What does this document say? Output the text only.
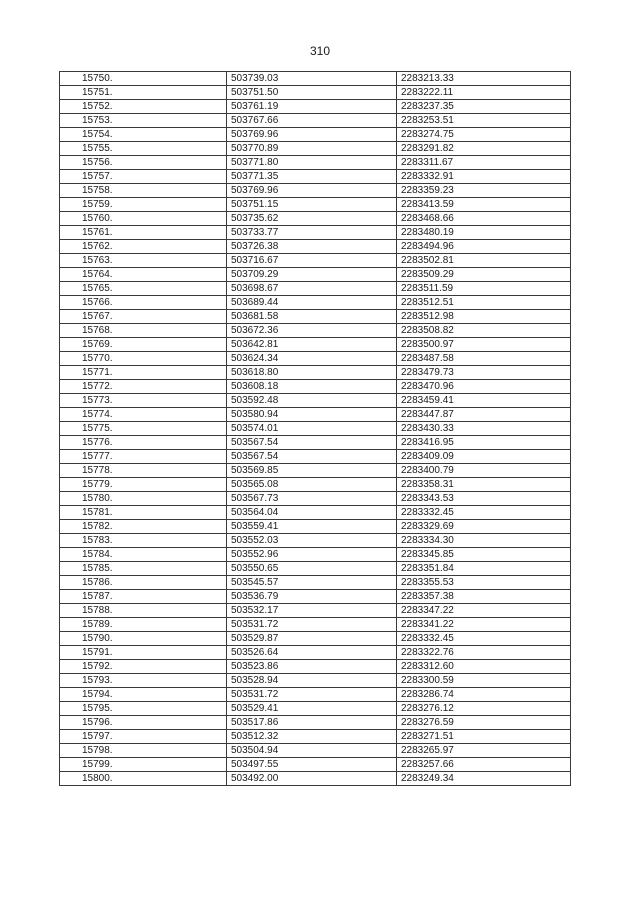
310
15750.	503739.03	2283213.33
15751.	503751.50	2283222.11
15752.	503761.19	2283237.35
15753.	503767.66	2283253.51
15754.	503769.96	2283274.75
15755.	503770.89	2283291.82
15756.	503771.80	2283311.67
15757.	503771.35	2283332.91
15758.	503769.96	2283359.23
15759.	503751.15	2283413.59
15760.	503735.62	2283468.66
15761.	503733.77	2283480.19
15762.	503726.38	2283494.96
15763.	503716.67	2283502.81
15764.	503709.29	2283509.29
15765.	503698.67	2283511.59
15766.	503689.44	2283512.51
15767.	503681.58	2283512.98
15768.	503672.36	2283508.82
15769.	503642.81	2283500.97
15770.	503624.34	2283487.58
15771.	503618.80	2283479.73
15772.	503608.18	2283470.96
15773.	503592.48	2283459.41
15774.	503580.94	2283447.87
15775.	503574.01	2283430.33
15776.	503567.54	2283416.95
15777.	503567.54	2283409.09
15778.	503569.85	2283400.79
15779.	503565.08	2283358.31
15780.	503567.73	2283343.53
15781.	503564.04	2283332.45
15782.	503559.41	2283329.69
15783.	503552.03	2283334.30
15784.	503552.96	2283345.85
15785.	503550.65	2283351.84
15786.	503545.57	2283355.53
15787.	503536.79	2283357.38
15788.	503532.17	2283347.22
15789.	503531.72	2283341.22
15790.	503529.87	2283332.45
15791.	503526.64	2283322.76
15792.	503523.86	2283312.60
15793.	503528.94	2283300.59
15794.	503531.72	2283286.74
15795.	503529.41	2283276.12
15796.	503517.86	2283276.59
15797.	503512.32	2283271.51
15798.	503504.94	2283265.97
15799.	503497.55	2283257.66
15800.	503492.00	2283249.34
